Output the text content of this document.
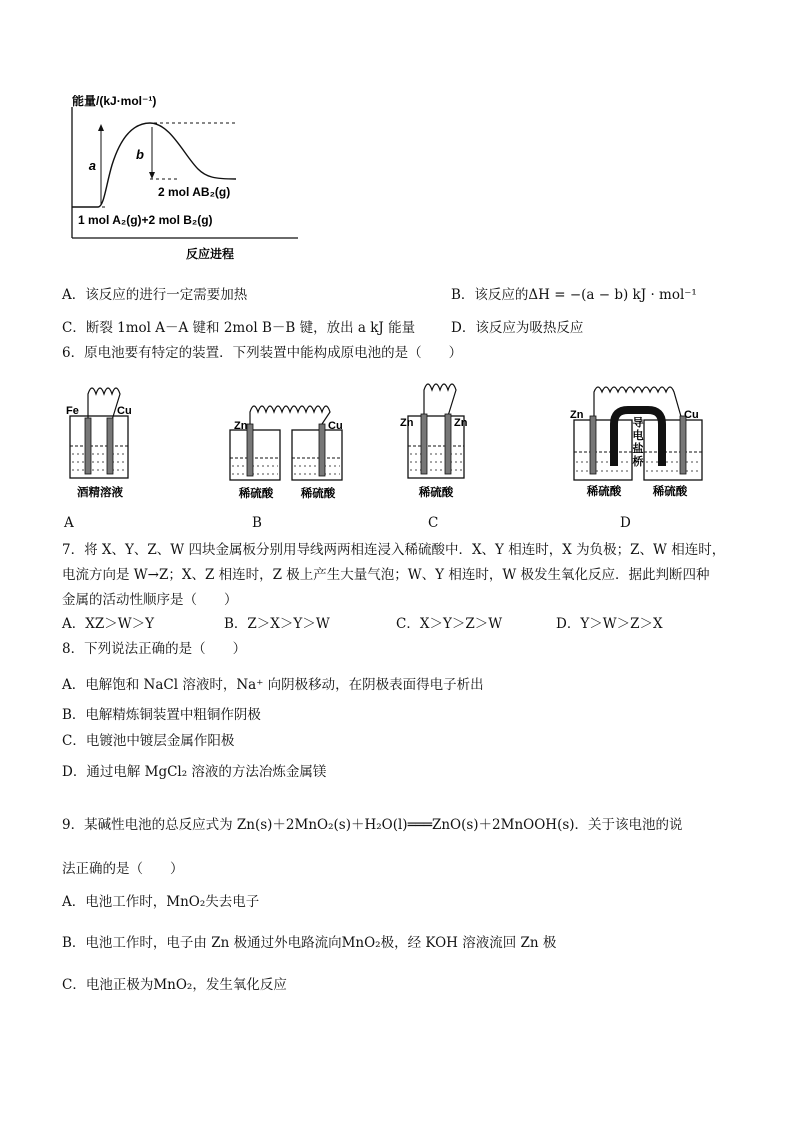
a
b
能量/(kJ·mol⁻¹)
2 mol AB₂(g)
1 mol A₂(g)+2 mol B₂(g)
反应进程
A．该反应的进行一定需要加热	B．该反应的ΔH = −(a − b) kJ · mol⁻¹
C．断裂 1mol A－A 键和 2mol B－B 键，放出 a kJ 能量	D．该反应为吸热反应
6．原电池要有特定的装置．下列装置中能构成原电池的是（　　）
Fe	Cu
酒精溶液
Zn	Cu
稀硫酸 稀硫酸
Zn	Zn
稀硫酸
Zn	Cu
导
电
盐
桥
稀硫酸	稀硫酸
A	B	C	D
7．将 X、Y、Z、W 四块金属板分别用导线两两相连浸入稀硫酸中．X、Y 相连时，X 为负极；Z、W 相连时，
电流方向是 W→Z；X、Z 相连时，Z 极上产生大量气泡；W、Y 相连时，W 极发生氧化反应．据此判断四种
金属的活动性顺序是（　　）
A．XZ＞W＞Y	B．Z＞X＞Y＞W	C．X＞Y＞Z＞W	D．Y＞W＞Z＞X
8．下列说法正确的是（　　）
A．电解饱和 NaCl 溶液时，Na⁺ 向阴极移动，在阴极表面得电子析出
B．电解精炼铜装置中粗铜作阴极
C．电镀池中镀层金属作阳极
D．通过电解 MgCl₂ 溶液的方法冶炼金属镁
9．某碱性电池的总反应式为 Zn(s)＋2MnO₂(s)＋H₂O(l)═══ZnO(s)＋2MnOOH(s)．关于该电池的说
法正确的是（　　）
A．电池工作时，MnO₂失去电子
B．电池工作时，电子由 Zn 极通过外电路流向MnO₂极，经 KOH 溶液流回 Zn 极
C．电池正极为MnO₂，发生氧化反应
